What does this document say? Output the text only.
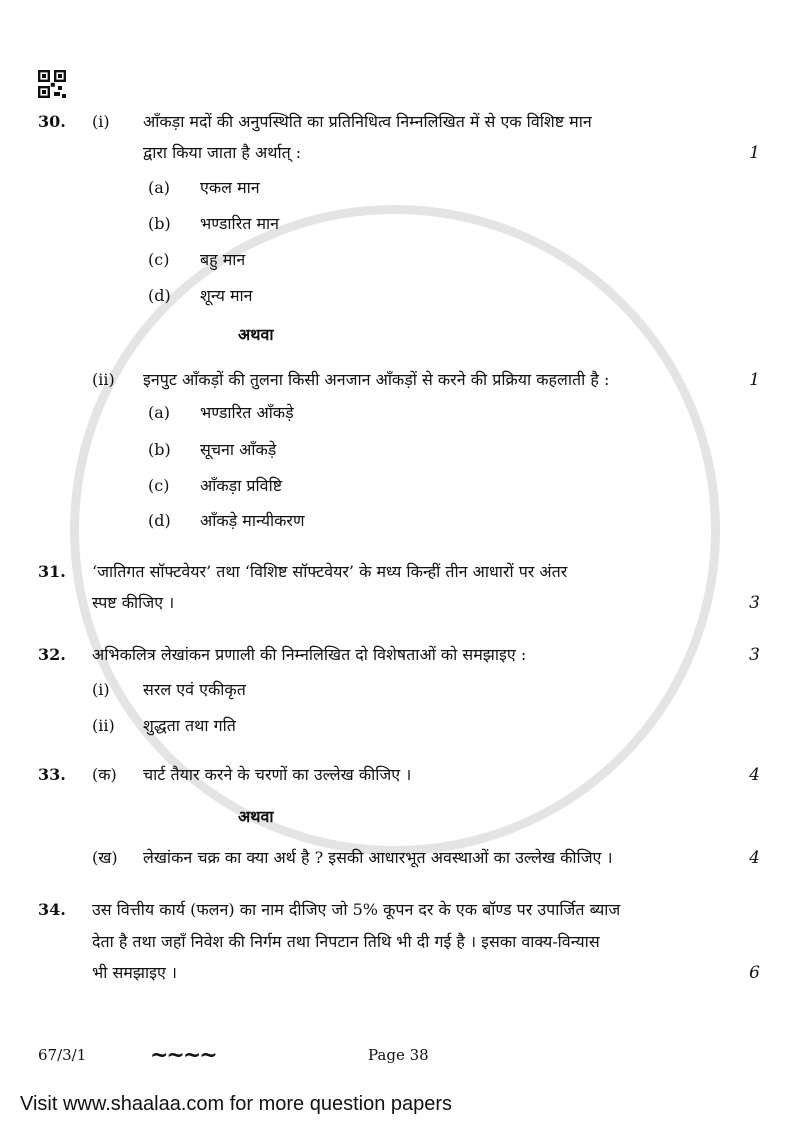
30.	(i)	आँकड़ा मदों की अनुपस्थिति का प्रतिनिधित्व निम्नलिखित में से एक विशिष्ट मान
द्वारा किया जाता है अर्थात् :	1
(a)	एकल मान
(b)	भण्डारित मान
(c)	बहु मान
(d)	शून्य मान
अथवा
(ii)	इनपुट आँकड़ों की तुलना किसी अनजान आँकड़ों से करने की प्रक्रिया कहलाती है :	1
(a)	भण्डारित आँकड़े
(b)	सूचना आँकड़े
(c)	आँकड़ा प्रविष्टि
(d)	आँकड़े मान्यीकरण
31.	‘जातिगत सॉफ्टवेयर’ तथा ‘विशिष्ट सॉफ्टवेयर’ के मध्य किन्हीं तीन आधारों पर अंतर
स्पष्ट कीजिए ।	3
32.	अभिकलित्र लेखांकन प्रणाली की निम्नलिखित दो विशेषताओं को समझाइए :	3
(i)	सरल एवं एकीकृत
(ii)	शुद्धता तथा गति
33.	(क)	चार्ट तैयार करने के चरणों का उल्लेख कीजिए ।	4
अथवा
(ख)	लेखांकन चक्र का क्या अर्थ है ? इसकी आधारभूत अवस्थाओं का उल्लेख कीजिए ।	4
34.	उस वित्तीय कार्य (फलन) का नाम दीजिए जो 5% कूपन दर के एक बॉण्ड पर उपार्जित ब्याज
देता है तथा जहाँ निवेश की निर्गम तथा निपटान तिथि भी दी गई है । इसका वाक्य-विन्यास
भी समझाइए ।	6
67/3/1	~~~~	Page 38
Visit www.shaalaa.com for more question papers
